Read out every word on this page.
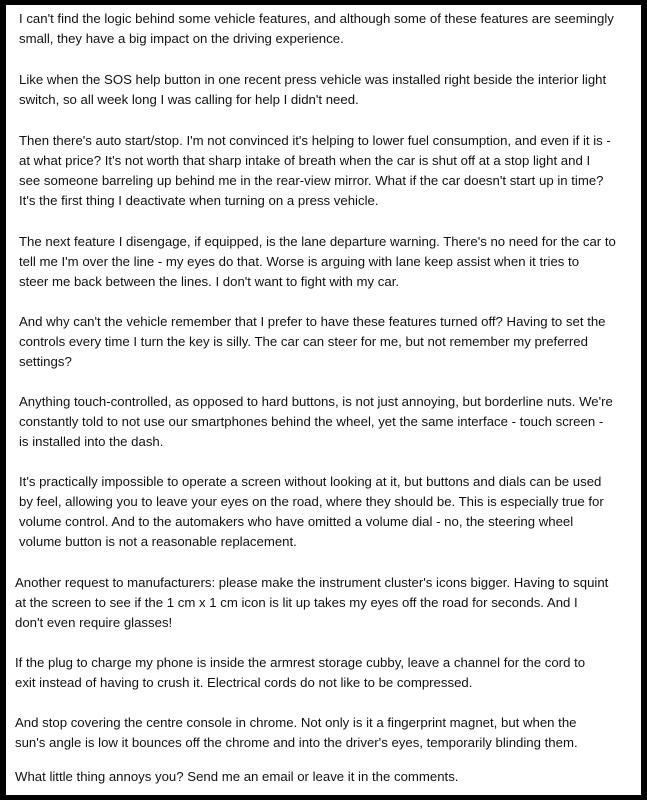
I can't find the logic behind some vehicle features, and although some of these features are seemingly
small, they have a big impact on the driving experience.

Like when the SOS help button in one recent press vehicle was installed right beside the interior light
switch, so all week long I was calling for help I didn't need.

Then there's auto start/stop. I'm not convinced it's helping to lower fuel consumption, and even if it is -
at what price? It's not worth that sharp intake of breath when the car is shut off at a stop light and I
see someone barreling up behind me in the rear-view mirror. What if the car doesn't start up in time?
It's the first thing I deactivate when turning on a press vehicle.

The next feature I disengage, if equipped, is the lane departure warning. There's no need for the car to
tell me I'm over the line - my eyes do that. Worse is arguing with lane keep assist when it tries to
steer me back between the lines. I don't want to fight with my car.

And why can't the vehicle remember that I prefer to have these features turned off? Having to set the
controls every time I turn the key is silly. The car can steer for me, but not remember my preferred
settings?

Anything touch-controlled, as opposed to hard buttons, is not just annoying, but borderline nuts. We're
constantly told to not use our smartphones behind the wheel, yet the same interface - touch screen -
is installed into the dash.

It's practically impossible to operate a screen without looking at it, but buttons and dials can be used
by feel, allowing you to leave your eyes on the road, where they should be. This is especially true for
volume control. And to the automakers who have omitted a volume dial - no, the steering wheel
volume button is not a reasonable replacement.

Another request to manufacturers: please make the instrument cluster's icons bigger. Having to squint
at the screen to see if the 1 cm x 1 cm icon is lit up takes my eyes off the road for seconds. And I
don't even require glasses!

If the plug to charge my phone is inside the armrest storage cubby, leave a channel for the cord to
exit instead of having to crush it. Electrical cords do not like to be compressed.

And stop covering the centre console in chrome. Not only is it a fingerprint magnet, but when the
sun's angle is low it bounces off the chrome and into the driver's eyes, temporarily blinding them.

What little thing annoys you? Send me an email or leave it in the comments.
